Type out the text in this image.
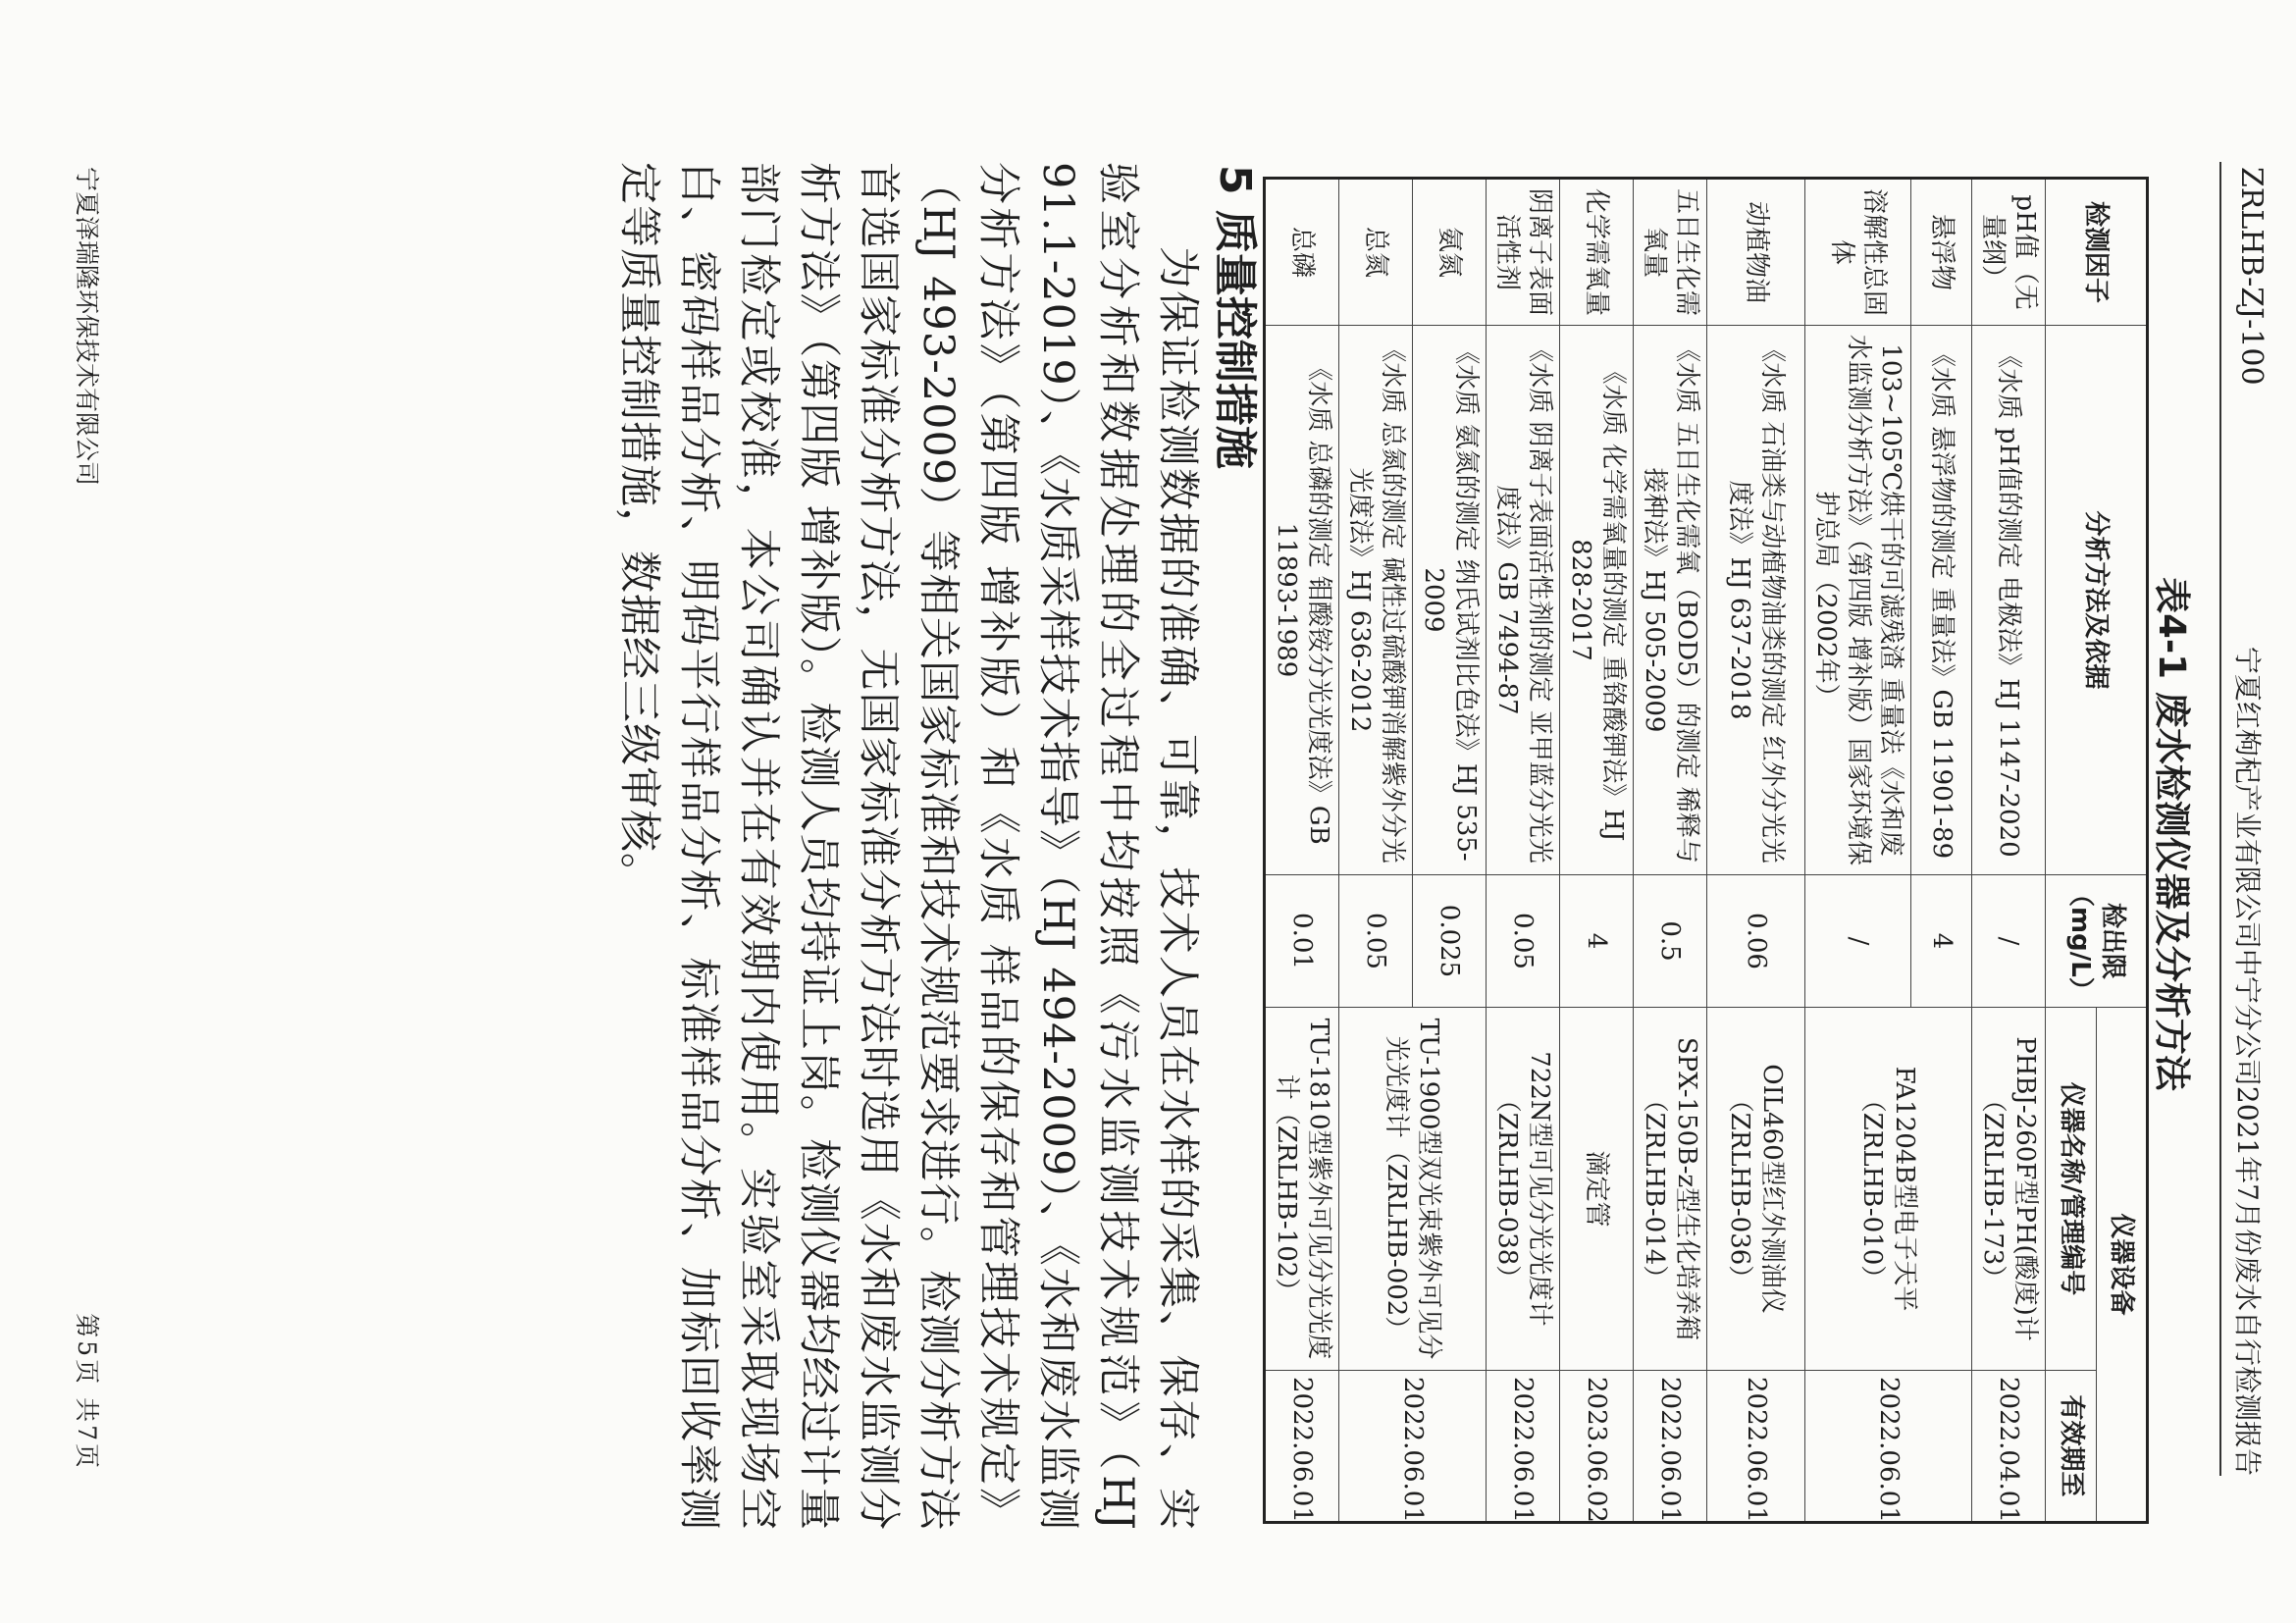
ZRLHB-ZJ-100
宁夏红枸杞产业有限公司中宁分公司2021年7月份废水自行检测报告
表4-1 废水检测仪器及分析方法
检测因子	分析方法及依据	检出限（mg/L）	仪器设备	
			仪器名称/管理编号	有效期至
pH值（无量纲）	《水质 pH值的测定 电极法》HJ 1147-2020	/	PHBJ-260F型PH(酸度)计（ZRLHB-173）	2022.04.01
悬浮物	《水质 悬浮物的测定 重量法》GB 11901-89	4	FA1204B型电子天平（ZRLHB-010）	2022.06.01
溶解性总固体	103~105℃烘干的可滤残渣 重量法《水和废水监测分析方法》（第四版 增补版）国家环境保护总局（2002年）	/		
动植物油	《水质 石油类与动植物油类的测定 红外分光光度法》HJ 637-2018	0.06	OIL460型红外测油仪（ZRLHB-036）	2022.06.01
五日生化需氧量	《水质 五日生化需氧（BOD5）的测定 稀释与接种法》HJ 505-2009	0.5	SPX-150B-z型生化培养箱（ZRLHB-014）	2022.06.01
化学需氧量	《水质 化学需氧量的测定 重铬酸钾法》HJ 828-2017	4	滴定管	2023.06.02
阴离子表面活性剂	《水质 阴离子表面活性剂的测定 亚甲蓝分光光度法》GB 7494-87	0.05	722N型可见分光光度计（ZRLHB-038）	2022.06.01
氨氮	《水质 氨氮的测定 纳氏试剂比色法》HJ 535-2009	0.025	TU-1900型双光束紫外可见分光光度计（ZRLHB-002）	2022.06.01
总氮	《水质 总氮的测定 碱性过硫酸钾消解紫外分光光度法》HJ 636-2012	0.05		
总磷	《水质 总磷的测定 钼酸铵分光光度法》GB 11893-1989	0.01	TU-1810型紫外可见分光光度计（ZRLHB-102）	2022.06.01
5 质量控制措施

为保证检测数据的准确、可靠，技术人员在水样的采集、保存、实验室分析和数据处理的全过程中均按照《污水监测技术规范》（HJ 91.1-2019）、《水质采样技术指导》（HJ 494-2009）、《水和废水监测分析方法》（第四版 增补版）和《水质 样品的保存和管理技术规定》（HJ 493-2009）等相关国家标准和技术规范要求进行。检测分析方法首选国家标准分析方法，无国家标准分析方法时选用《水和废水监测分析方法》（第四版 增补版）。检测人员均持证上岗。检测仪器均经过计量部门检定或校准，本公司确认并在有效期内使用。实验室采取现场空白、密码样品分析、明码平行样品分析、标准样品分析、加标回收率测定等质量控制措施，数据经三级审核。

宁夏泽瑞隆环保技术有限公司
第5页 共7页
